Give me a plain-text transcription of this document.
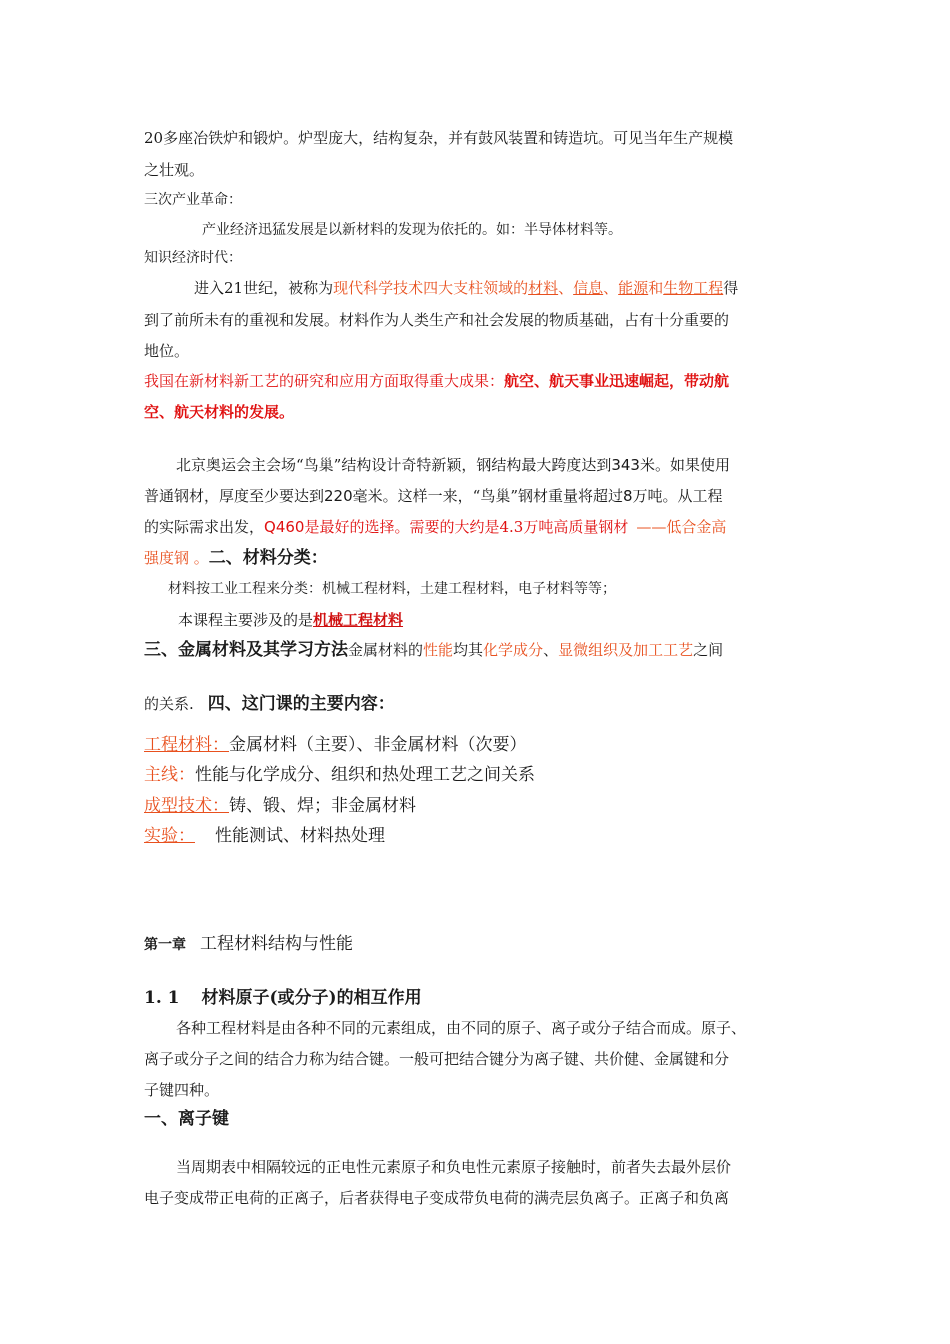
20多座冶铁炉和锻炉。炉型庞大，结构复杂，并有鼓风装置和铸造坑。可见当年生产规模
之壮观。
三次产业革命：
产业经济迅猛发展是以新材料的发现为依托的。如：半导体材料等。
知识经济时代：
进入21世纪，被称为现代科学技术四大支柱领域的材料、信息、能源和生物工程得
到了前所未有的重视和发展。材料作为人类生产和社会发展的物质基础，占有十分重要的
地位。
我国在新材料新工艺的研究和应用方面取得重大成果：航空、航天事业迅速崛起，带动航
空、航天材料的发展。
北京奥运会主会场“鸟巢”结构设计奇特新颖，钢结构最大跨度达到343米。如果使用
普通钢材，厚度至少要达到220毫米。这样一来，“鸟巢”钢材重量将超过8万吨。从工程
的实际需求出发，Q460是最好的选择。需要的大约是4.3万吨高质量钢材 ——低合金高
强度钢 。二、材料分类：
材料按工业工程来分类：机械工程材料，土建工程材料，电子材料等等；
本课程主要涉及的是机械工程材料
三、金属材料及其学习方法金属材料的性能均其化学成分、显微组织及加工工艺之间
的关系. 四、这门课的主要内容：
工程材料：金属材料（主要）、非金属材料（次要）
主线：性能与化学成分、组织和热处理工艺之间关系
成型技术：铸、锻、焊；非金属材料
实验： 性能测试、材料热处理
第一章 工程材料结构与性能
1. 1 材料原子(或分子)的相互作用
各种工程材料是由各种不同的元素组成，由不同的原子、离子或分子结合而成。原子、
离子或分子之间的结合力称为结合键。一般可把结合键分为离子键、共价健、金属键和分
子键四种。
一、离子键
当周期表中相隔较远的正电性元素原子和负电性元素原子接触时，前者失去最外层价
电子变成带正电荷的正离子，后者获得电子变成带负电荷的满壳层负离子。正离子和负离
